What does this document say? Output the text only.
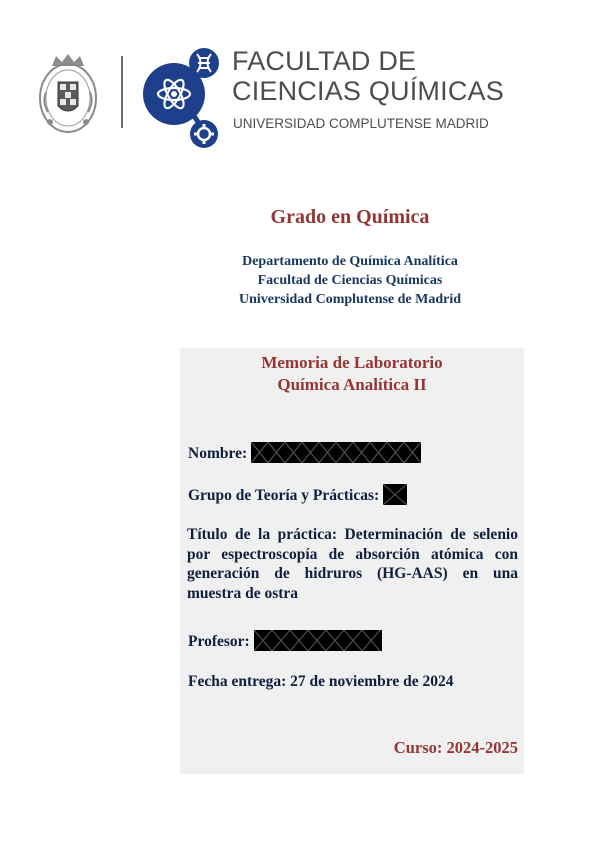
FACULTAD DE
CIENCIAS QUÍMICAS
UNIVERSIDAD COMPLUTENSE MADRID
Grado en Química
Departamento de Química Analítica
Facultad de Ciencias Químicas
Universidad Complutense de Madrid
Memoria de Laboratorio
Química Analítica II
Nombre:
Grupo de Teoría y Prácticas:
Título de la práctica: Determinación de selenio por espectroscopía de absorción atómica con generación de hidruros (HG-AAS) en una muestra de ostra
Profesor:
Fecha entrega: 27 de noviembre de 2024
Curso: 2024-2025
